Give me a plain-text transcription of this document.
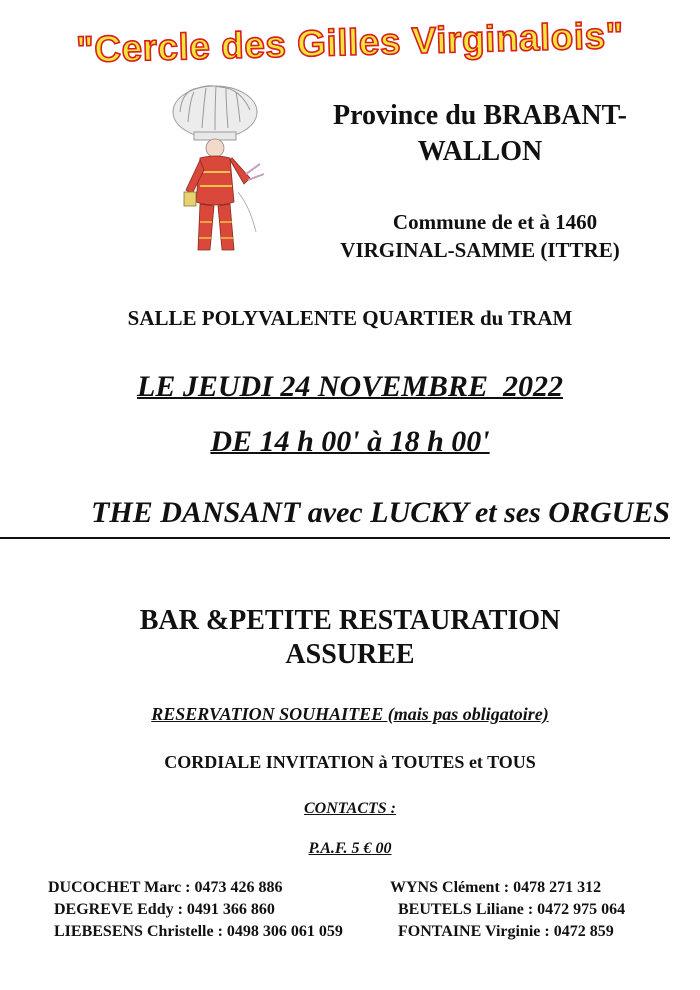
"Cercle des Gilles Virginalois"
Province du BRABANT-
WALLON
Commune de et à 1460
VIRGINAL-SAMME (ITTRE)
SALLE POLYVALENTE QUARTIER du TRAM
LE JEUDI 24 NOVEMBRE  2022
DE 14 h 00' à 18 h 00'
THE DANSANT avec LUCKY et ses ORGUES
BAR &PETITE RESTAURATION
ASSUREE
RESERVATION SOUHAITEE (mais pas obligatoire)
CORDIALE INVITATION à TOUTES et TOUS
CONTACTS :
P.A.F. 5 € 00
DUCOCHET Marc : 0473 426 886
DEGREVE Eddy : 0491 366 860
LIEBESENS Christelle : 0498 306 061 059
WYNS Clément : 0478 271 312
BEUTELS Liliane : 0472 975 064
FONTAINE Virginie : 0472 859
